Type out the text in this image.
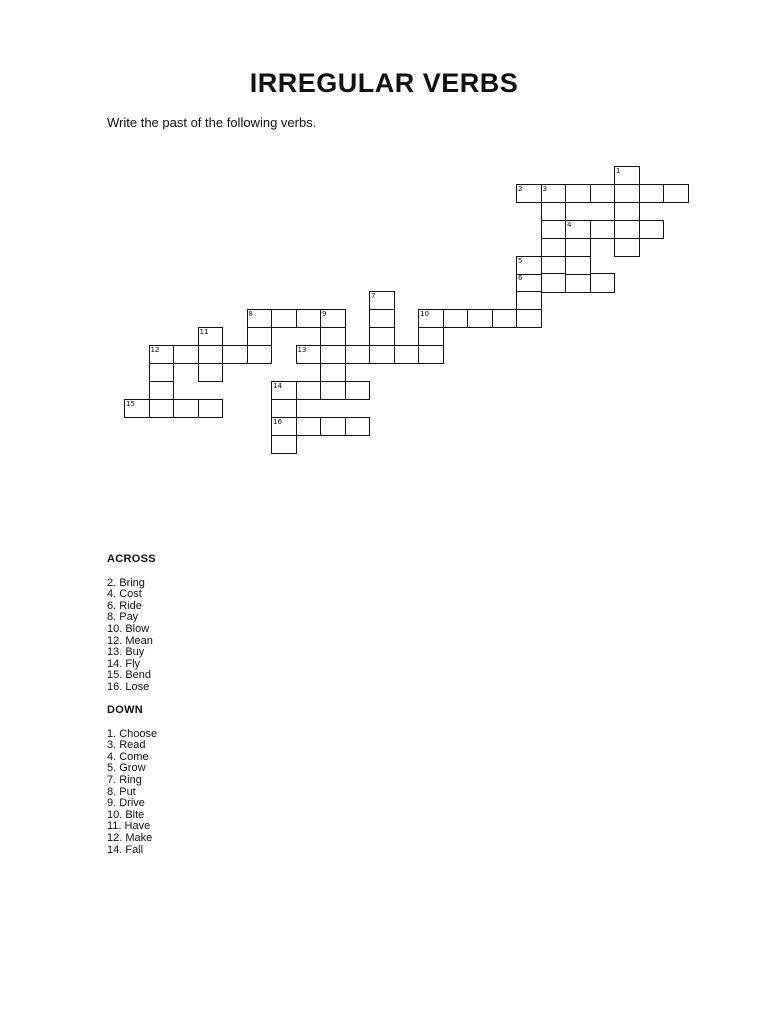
IRREGULAR VERBS
Write the past of the following verbs.
2	3
4
6
8	9	10
12	13
14
15
16
1
5
7
11
ACROSS
2. Bring
4. Cost
6. Ride
8. Pay
10. Blow
12. Mean
13. Buy
14. Fly
15. Bend
16. Lose
DOWN
1. Choose
3. Read
4. Come
5. Grow
7. Ring
8. Put
9. Drive
10. Bite
11. Have
12. Make
14. Fall
